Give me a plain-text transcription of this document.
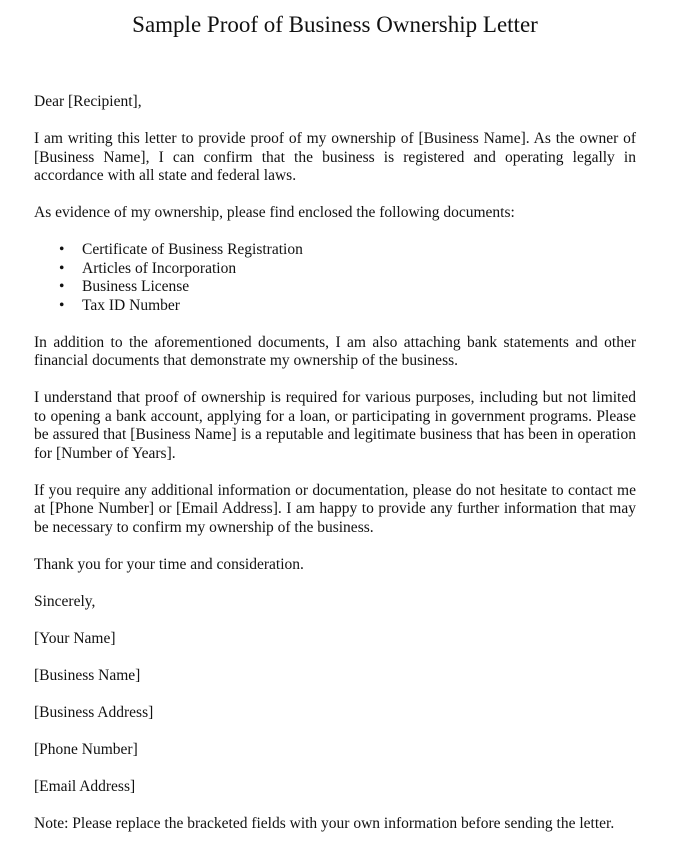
Sample Proof of Business Ownership Letter

Dear [Recipient],

I am writing this letter to provide proof of my ownership of [Business Name]. As the owner of [Business Name], I can confirm that the business is registered and operating legally in accordance with all state and federal laws.

As evidence of my ownership, please find enclosed the following documents:

• Certificate of Business Registration
• Articles of Incorporation
• Business License
• Tax ID Number

In addition to the aforementioned documents, I am also attaching bank statements and other financial documents that demonstrate my ownership of the business.

I understand that proof of ownership is required for various purposes, including but not limited to opening a bank account, applying for a loan, or participating in government programs. Please be assured that [Business Name] is a reputable and legitimate business that has been in operation for [Number of Years].

If you require any additional information or documentation, please do not hesitate to contact me at [Phone Number] or [Email Address]. I am happy to provide any further information that may be necessary to confirm my ownership of the business.

Thank you for your time and consideration.

Sincerely,

[Your Name]

[Business Name]

[Business Address]

[Phone Number]

[Email Address]

Note: Please replace the bracketed fields with your own information before sending the letter.
